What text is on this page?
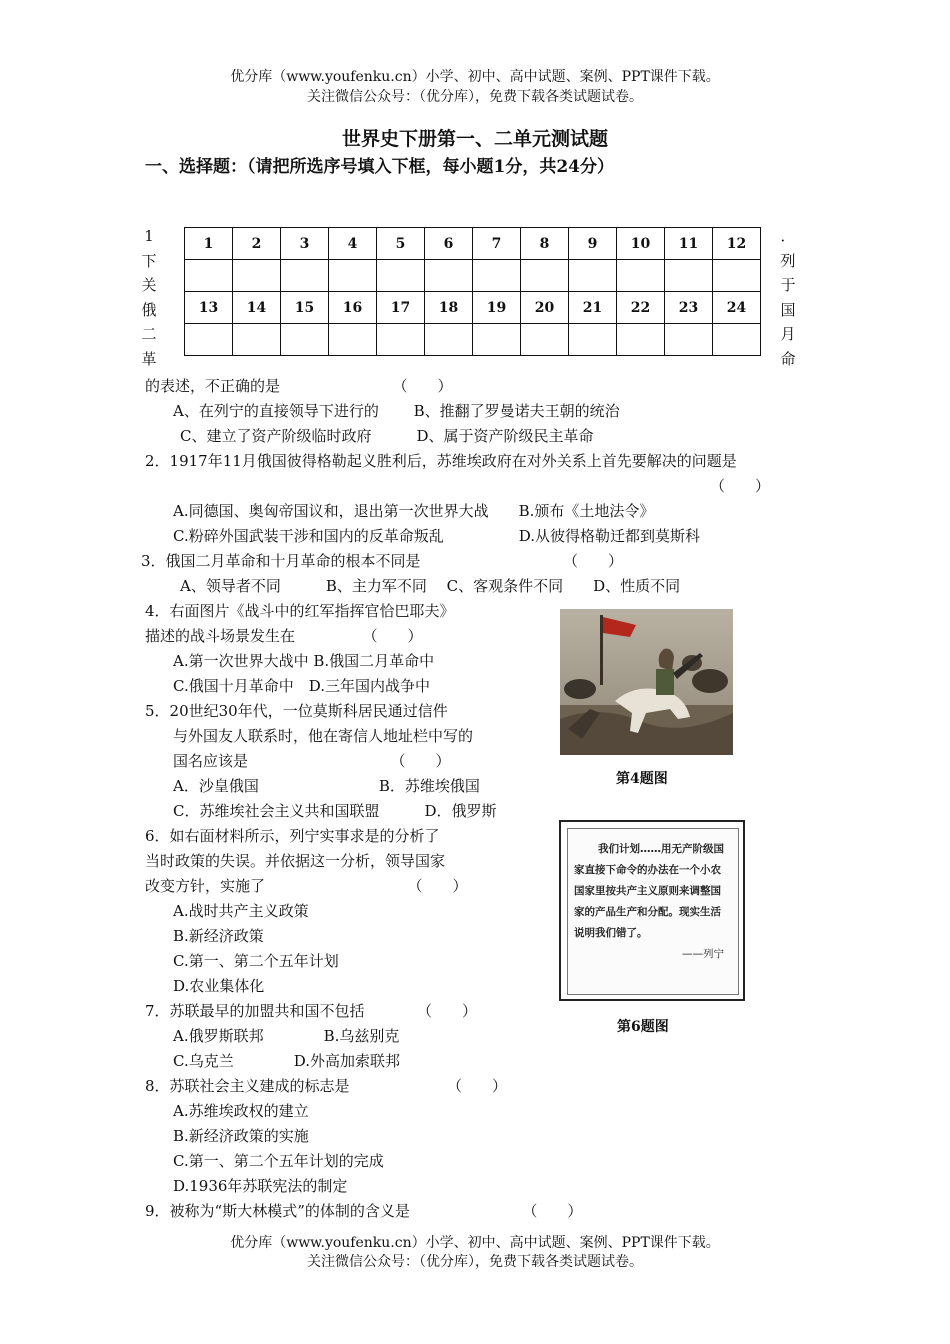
优分库（www.youfenku.cn）小学、初中、高中试题、案例、PPT课件下载。
关注微信公众号：（优分库），免费下载各类试题试卷。
世界史下册第一、二单元测试题
一、选择题：（请把所选序号填入下框，每小题1分，共24分）
1
下
关
俄
二
革
．
列
于
国
月
命
1	2	3	4	5	6	7	8	9	10	11	12

13	14	15	16	17	18	19	20	21	22	23	24

的表述，不正确的是　　　　　　　　（　　）
A、在列宁的直接领导下进行的　　 B、推翻了罗曼诺夫王朝的统治
C、建立了资产阶级临时政府　　　D、属于资产阶级民主革命
2．1917年11月俄国彼得格勒起义胜利后，苏维埃政府在对外关系上首先要解决的问题是
（　　）
A.同德国、奥匈帝国议和，退出第一次世界大战　　B.颁布《土地法令》
C.粉碎外国武装干涉和国内的反革命叛乱　　　　　D.从彼得格勒迁都到莫斯科
3．俄国二月革命和十月革命的根本不同是　　　　　　　　　　（　　）
A、领导者不同　　　B、主力军不同　 C、客观条件不同　　D、性质不同
4．右面图片《战斗中的红军指挥官恰巴耶夫》
描述的战斗场景发生在　　　　　（　　）
A.第一次世界大战中 B.俄国二月革命中
C.俄国十月革命中　D.三年国内战争中
第4题图
5．20世纪30年代，一位莫斯科居民通过信件
与外国友人联系时，他在寄信人地址栏中写的
国名应该是　　　　　　　　　　（　　）
A．沙皇俄国　　　　　　　　B．苏维埃俄国
C．苏维埃社会主义共和国联盟　　　D．俄罗斯
6．如右面材料所示，列宁实事求是的分析了
当时政策的失误。并依据这一分析，领导国家
改变方针，实施了　　　　　　　　　　（　　）
A.战时共产主义政策
B.新经济政策
C.第一、第二个五年计划
D.农业集体化
我们计划……用无产阶级国
家直接下命令的办法在一个小农
国家里按共产主义原则来调整国
家的产品生产和分配。现实生活
说明我们错了。
——列宁
第6题图
7．苏联最早的加盟共和国不包括　　　　（　　）
A.俄罗斯联邦　　　　B.乌兹别克
C.乌克兰　　　　D.外高加索联邦
8．苏联社会主义建成的标志是　　　　　　　（　　）
A.苏维埃政权的建立
B.新经济政策的实施
C.第一、第二个五年计划的完成
D.1936年苏联宪法的制定
9．被称为“斯大林模式”的体制的含义是　　　　　　　　（　　）
优分库（www.youfenku.cn）小学、初中、高中试题、案例、PPT课件下载。
关注微信公众号：（优分库），免费下载各类试题试卷。
